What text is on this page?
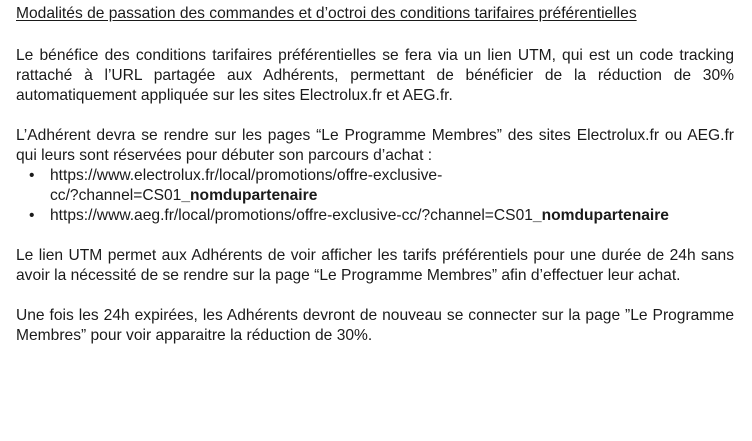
Modalités de passation des commandes et d’octroi des conditions tarifaires préférentielles

Le bénéfice des conditions tarifaires préférentielles se fera via un lien UTM, qui est un code tracking rattaché à l’URL partagée aux Adhérents, permettant de bénéficier de la réduction de 30% automatiquement appliquée sur les sites Electrolux.fr et AEG.fr.

L’Adhérent devra se rendre sur les pages “Le Programme Membres” des sites Electrolux.fr ou AEG.fr qui leurs sont réservées pour débuter son parcours d’achat :

• https://www.electrolux.fr/local/promotions/offre-exclusive-
cc/?channel=CS01_nomdupartenaire
• https://www.aeg.fr/local/promotions/offre-exclusive-cc/?channel=CS01_nomdupartenaire

Le lien UTM permet aux Adhérents de voir afficher les tarifs préférentiels pour une durée de 24h sans avoir la nécessité de se rendre sur la page “Le Programme Membres” afin d’effectuer leur achat.

Une fois les 24h expirées, les Adhérents devront de nouveau se connecter sur la page ”Le Programme Membres” pour voir apparaitre la réduction de 30%.
